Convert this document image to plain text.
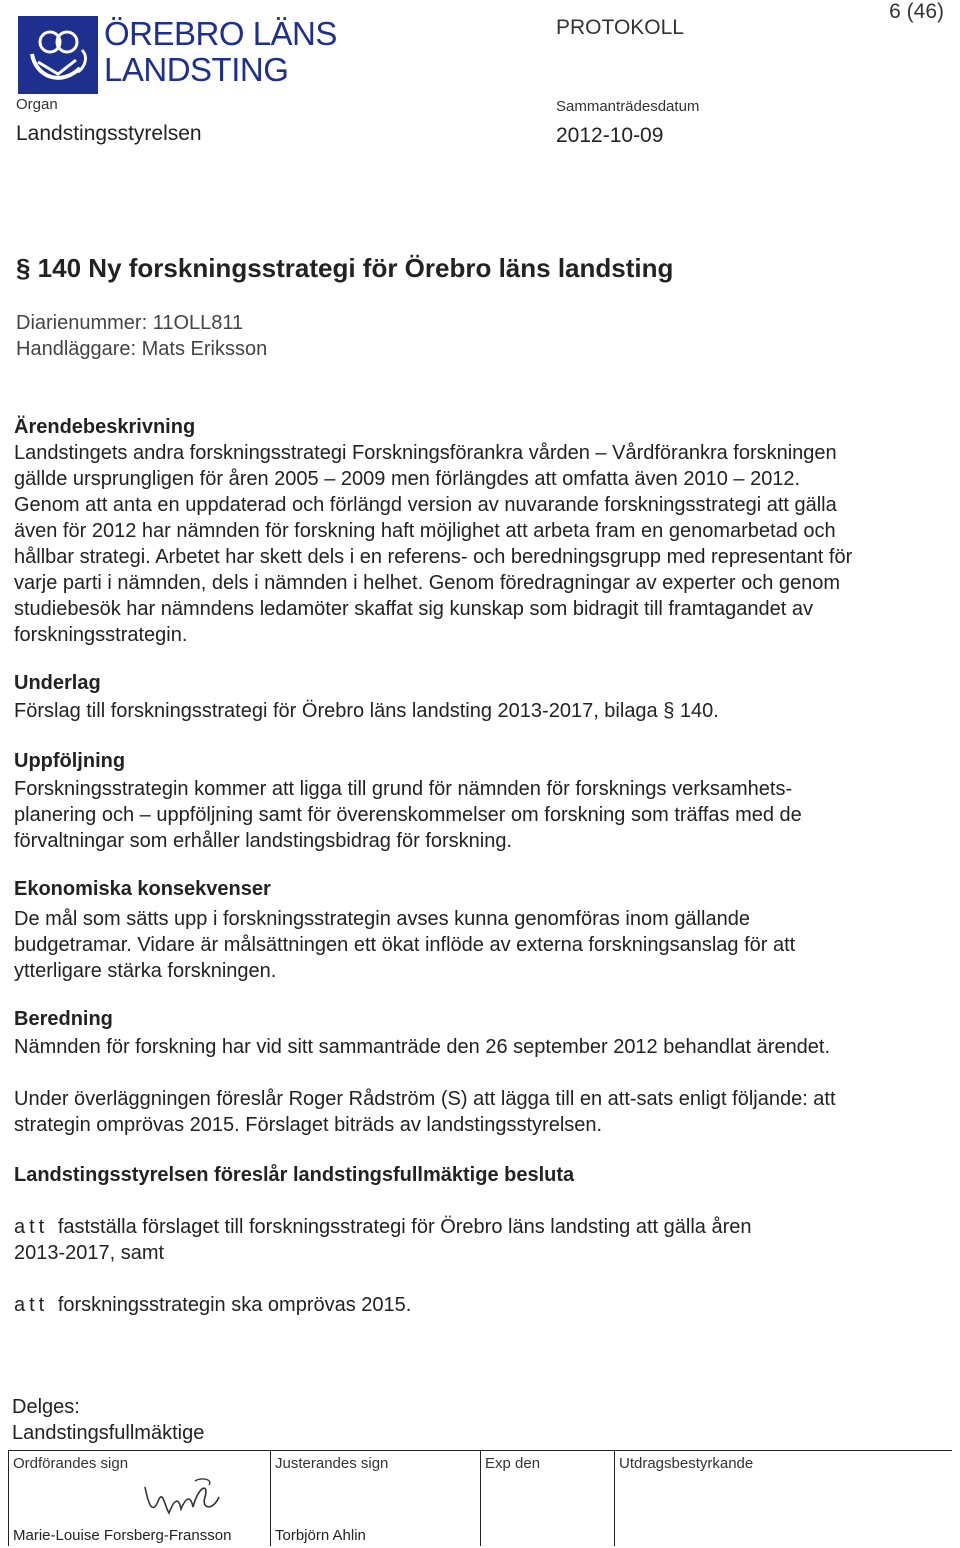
ÖREBRO LÄNS
LANDSTING
Organ
Landstingsstyrelsen
PROTOKOLL
Sammanträdesdatum
2012-10-09
6 (46)
§ 140 Ny forskningsstrategi för Örebro läns landsting
Diarienummer: 11OLL811
Handläggare: Mats Eriksson
Ärendebeskrivning
Landstingets andra forskningsstrategi Forskningsförankra vården – Vårdförankra forskningen
gällde ursprungligen för åren 2005 – 2009 men förlängdes att omfatta även 2010 – 2012.
Genom att anta en uppdaterad och förlängd version av nuvarande forskningsstrategi att gälla
även för 2012 har nämnden för forskning haft möjlighet att arbeta fram en genomarbetad och
hållbar strategi. Arbetet har skett dels i en referens- och beredningsgrupp med representant för
varje parti i nämnden, dels i nämnden i helhet. Genom föredragningar av experter och genom
studiebesök har nämndens ledamöter skaffat sig kunskap som bidragit till framtagandet av
forskningsstrategin.
Underlag
Förslag till forskningsstrategi för Örebro läns landsting 2013-2017, bilaga § 140.
Uppföljning
Forskningsstrategin kommer att ligga till grund för nämnden för forsknings verksamhets-
planering och – uppföljning samt för överenskommelser om forskning som träffas med de
förvaltningar som erhåller landstingsbidrag för forskning.
Ekonomiska konsekvenser
De mål som sätts upp i forskningsstrategin avses kunna genomföras inom gällande
budgetramar. Vidare är målsättningen ett ökat inflöde av externa forskningsanslag för att
ytterligare stärka forskningen.
Beredning
Nämnden för forskning har vid sitt sammanträde den 26 september 2012 behandlat ärendet.
Under överläggningen föreslår Roger Rådström (S) att lägga till en att-sats enligt följande: att
strategin omprövas 2015. Förslaget biträds av landstingsstyrelsen.
Landstingsstyrelsen föreslår landstingsfullmäktige besluta
att fastställa förslaget till forskningsstrategi för Örebro läns landsting att gälla åren
2013-2017, samt
att forskningsstrategin ska omprövas 2015.
Delges:
Landstingsfullmäktige
Ordförandes sign
Marie-Louise Forsberg-Fransson
Justerandes sign
Torbjörn Ahlin
Exp den	Utdragsbestyrkande
